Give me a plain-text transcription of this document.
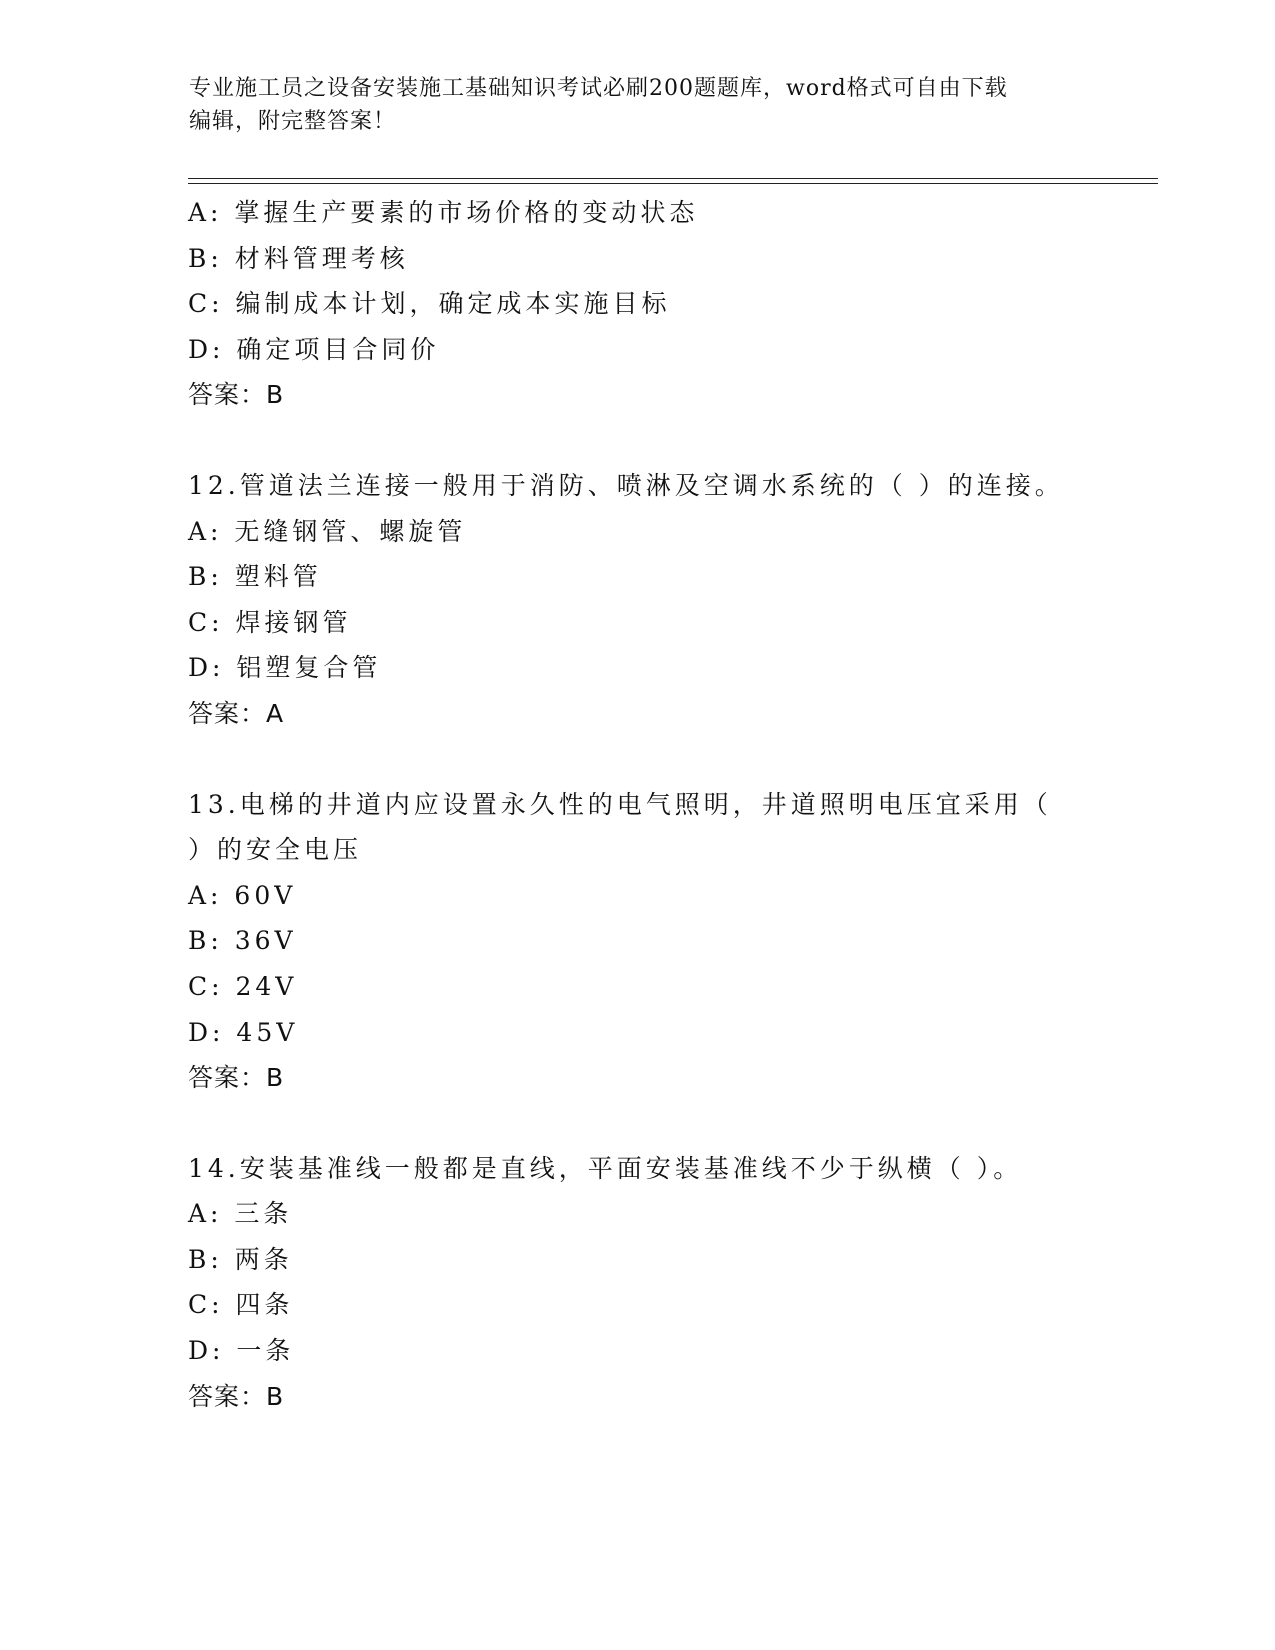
专业施工员之设备安装施工基础知识考试必刷200题题库，word格式可自由下载
编辑，附完整答案！
A: 掌握生产要素的市场价格的变动状态
B: 材料管理考核
C: 编制成本计划，确定成本实施目标
D: 确定项目合同价
答案：B
12.管道法兰连接一般用于消防、喷淋及空调水系统的（ ）的连接。
A: 无缝钢管、螺旋管
B: 塑料管
C: 焊接钢管
D: 铝塑复合管
答案：A
13.电梯的井道内应设置永久性的电气照明，井道照明电压宜采用（
）的安全电压
A: 60V
B: 36V
C: 24V
D: 45V
答案：B
14.安装基准线一般都是直线，平面安装基准线不少于纵横（ ）。
A: 三条
B: 两条
C: 四条
D: 一条
答案：B
